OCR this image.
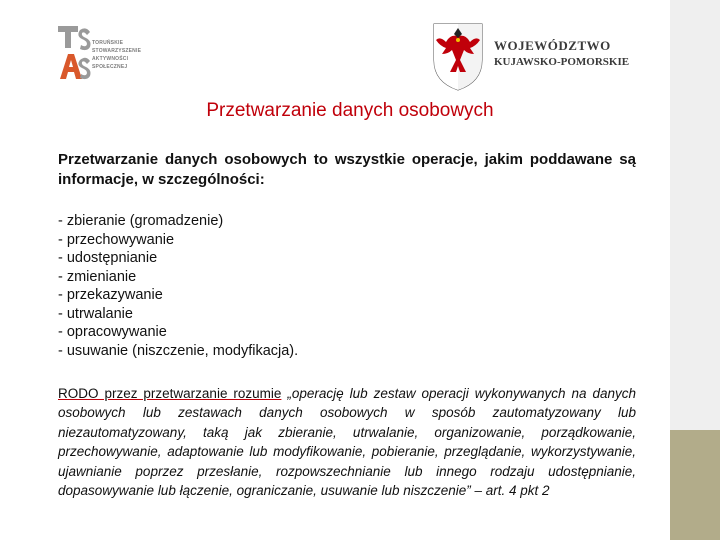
TORUŃSKIE
STOWARZYSZENIE
AKTYWNOŚCI
SPOŁECZNEJ
WOJEWÓDZTWO
KUJAWSKO-POMORSKIE
Przetwarzanie danych osobowych
Przetwarzanie danych osobowych to wszystkie operacje, jakim poddawane są informacje, w szczególności:
- zbieranie (gromadzenie)
- przechowywanie
- udostępnianie
- zmienianie
- przekazywanie
- utrwalanie
- opracowywanie
- usuwanie (niszczenie, modyfikacja).
RODO przez przetwarzanie rozumie „operację lub zestaw operacji wykonywanych na danych osobowych lub zestawach danych osobowych w sposób zautomatyzowany lub niezautomatyzowany, taką jak zbieranie, utrwalanie, organizowanie, porządkowanie, przechowywanie, adaptowanie lub modyfikowanie, pobieranie, przeglądanie, wykorzystywanie, ujawnianie poprzez przesłanie, rozpowszechnianie lub innego rodzaju udostępnianie, dopasowywanie lub łączenie, ograniczanie, usuwanie lub niszczenie” – art. 4 pkt 2
